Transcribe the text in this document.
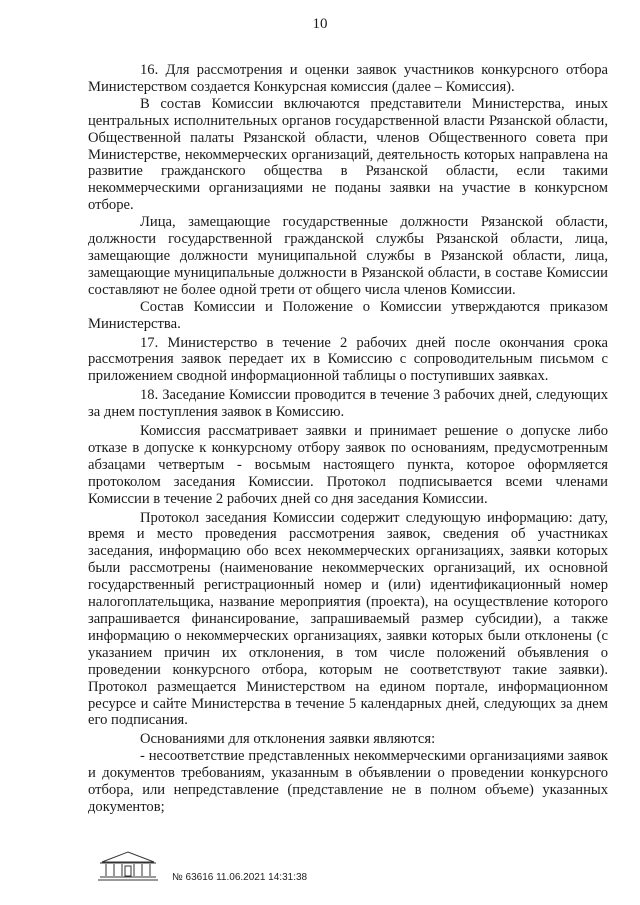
10

16. Для рассмотрения и оценки заявок участников конкурсного отбора Министерством создается Конкурсная комиссия (далее – Комиссия).

В состав Комиссии включаются представители Министерства, иных центральных исполнительных органов государственной власти Рязанской области, Общественной палаты Рязанской области, членов Общественного совета при Министерстве, некоммерческих организаций, деятельность которых направлена на развитие гражданского общества в Рязанской области, если такими некоммерческими организациями не поданы заявки на участие в конкурсном отборе.

Лица, замещающие государственные должности Рязанской области, должности государственной гражданской службы Рязанской области, лица, замещающие должности муниципальной службы в Рязанской области, лица, замещающие муниципальные должности в Рязанской области, в составе Комиссии составляют не более одной трети от общего числа членов Комиссии.

Состав Комиссии и Положение о Комиссии утверждаются приказом Министерства.

17. Министерство в течение 2 рабочих дней после окончания срока рассмотрения заявок передает их в Комиссию с сопроводительным письмом с приложением сводной информационной таблицы о поступивших заявках.

18. Заседание Комиссии проводится в течение 3 рабочих дней, следующих за днем поступления заявок в Комиссию.

Комиссия рассматривает заявки и принимает решение о допуске либо отказе в допуске к конкурсному отбору заявок по основаниям, предусмотренным абзацами четвертым - восьмым настоящего пункта, которое оформляется протоколом заседания Комиссии. Протокол подписывается всеми членами Комиссии в течение 2 рабочих дней со дня заседания Комиссии.

Протокол заседания Комиссии содержит следующую информацию: дату, время и место проведения рассмотрения заявок, сведения об участниках заседания, информацию обо всех некоммерческих организациях, заявки которых были рассмотрены (наименование некоммерческих организаций, их основной государственный регистрационный номер и (или) идентификационный номер налогоплательщика, название мероприятия (проекта), на осуществление которого запрашивается финансирование, запрашиваемый размер субсидии), а также информацию о некоммерческих организациях, заявки которых были отклонены (с указанием причин их отклонения, в том числе положений объявления о проведении конкурсного отбора, которым не соответствуют такие заявки). Протокол размещается Министерством на едином портале, информационном ресурсе и сайте Министерства в течение 5 календарных дней, следующих за днем его подписания.

Основаниями для отклонения заявки являются:

- несоответствие представленных некоммерческими организациями заявок и документов требованиям, указанным в объявлении о проведении конкурсного отбора, или непредставление (представление не в полном объеме) указанных документов;

№ 63616 11.06.2021 14:31:38
